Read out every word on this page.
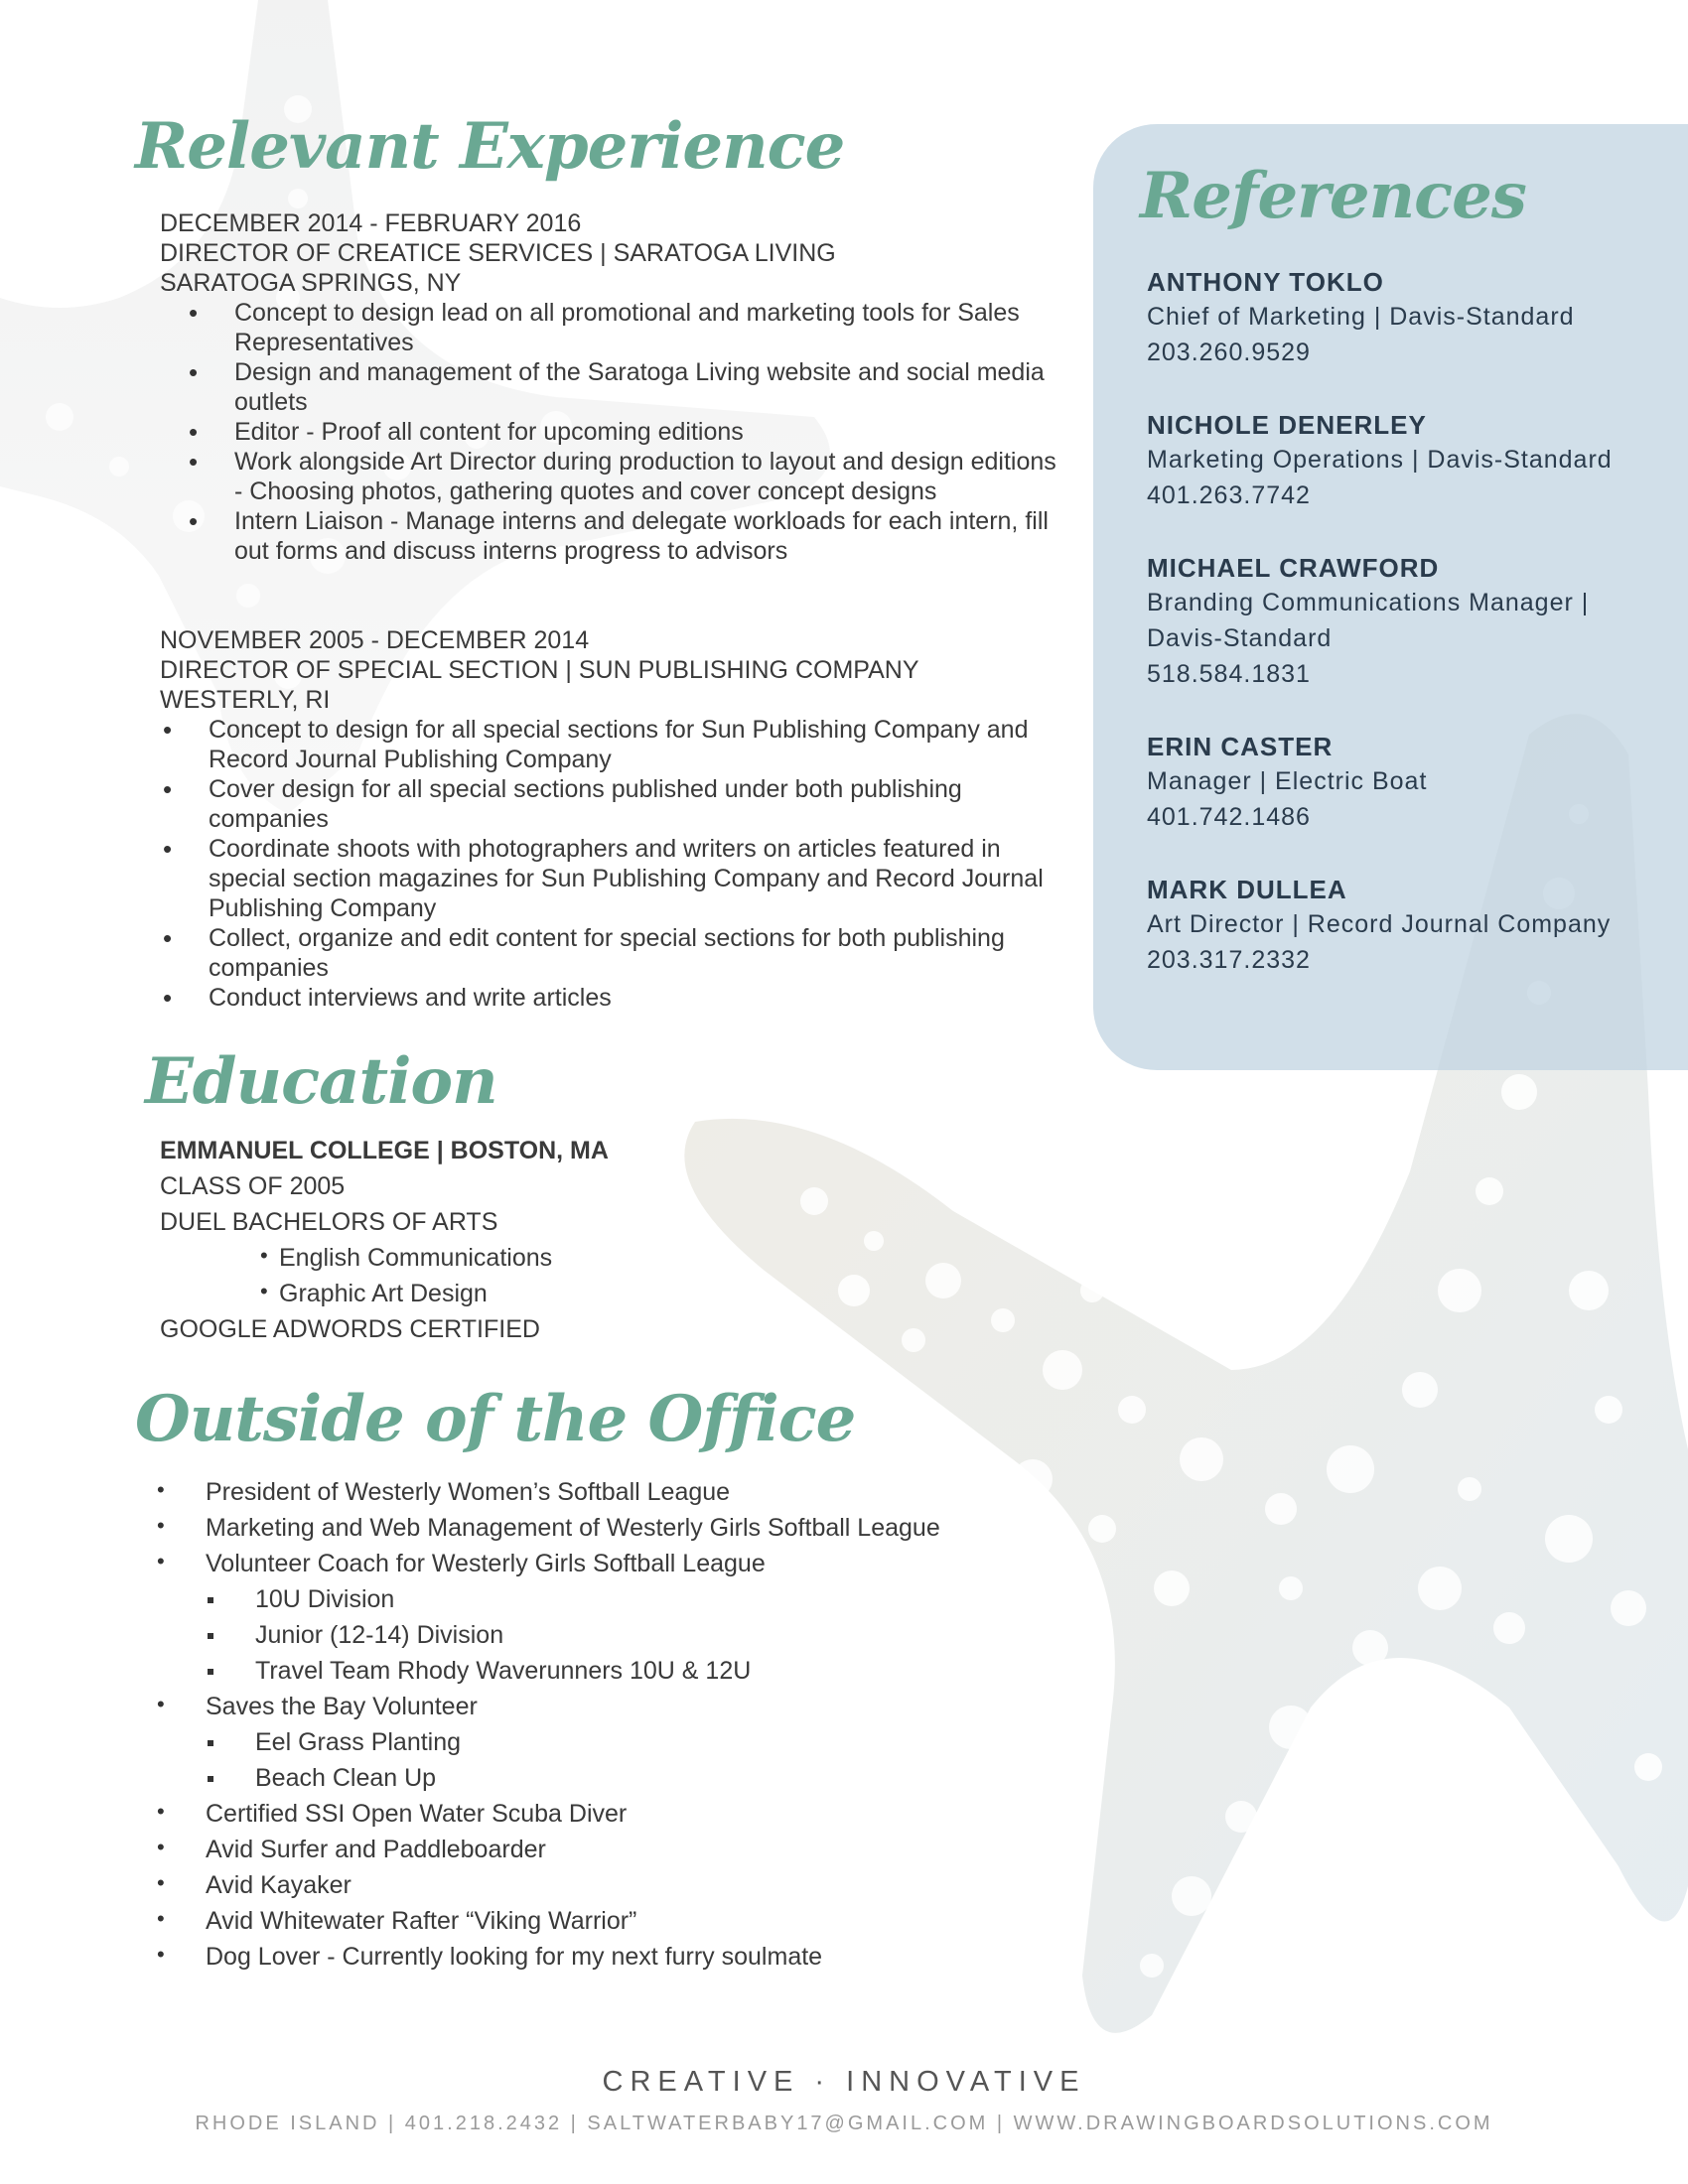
Relevant Experience

DECEMBER 2014 - FEBRUARY 2016

DIRECTOR OF CREATICE SERVICES | SARATOGA LIVING

SARATOGA SPRINGS, NY

• Concept to design lead on all promotional and marketing tools for Sales Representatives
• Design and management of the Saratoga Living website and social media outlets
• Editor - Proof all content for upcoming editions
• Work alongside Art Director during production to layout and design editions - Choosing photos, gathering quotes and cover concept designs
• Intern Liaison - Manage interns and delegate workloads for each intern, fill out forms and discuss interns progress to advisors

NOVEMBER 2005 - DECEMBER 2014

DIRECTOR OF SPECIAL SECTION | SUN PUBLISHING COMPANY

WESTERLY, RI

• Concept to design for all special sections for Sun Publishing Company and Record Journal Publishing Company
• Cover design for all special sections published under both publishing companies
• Coordinate shoots with photographers and writers on articles featured in special section magazines for Sun Publishing Company and Record Journal Publishing Company
• Collect, organize and edit content for special sections for both publishing companies
• Conduct interviews and write articles
Education
EMMANUEL COLLEGE | BOSTON, MA
CLASS OF 2005
DUEL BACHELORS OF ARTS
• English Communications
• Graphic Art Design
GOOGLE ADWORDS CERTIFIED
Outside of the Office
• President of Westerly Women’s Softball League
• Marketing and Web Management of Westerly Girls Softball League
• Volunteer Coach for Westerly Girls Softball League
10U Division
Junior (12-14) Division
Travel Team Rhody Waverunners 10U & 12U
• Saves the Bay Volunteer
Eel Grass Planting
Beach Clean Up
• Certified SSI Open Water Scuba Diver
• Avid Surfer and Paddleboarder
• Avid Kayaker
• Avid Whitewater Rafter “Viking Warrior”
• Dog Lover - Currently looking for my next furry soulmate
References

ANTHONY TOKLO

Chief of Marketing | Davis-Standard
203.260.9529

NICHOLE DENERLEY

Marketing Operations | Davis-Standard
401.263.7742

MICHAEL CRAWFORD

Branding Communications Manager |
Davis-Standard
518.584.1831

ERIN CASTER

Manager | Electric Boat
401.742.1486

MARK DULLEA

Art Director | Record Journal Company
203.317.2332
CREATIVE · INNOVATIVE
RHODE ISLAND | 401.218.2432 | SALTWATERBABY17@GMAIL.COM | WWW.DRAWINGBOARDSOLUTIONS.COM
